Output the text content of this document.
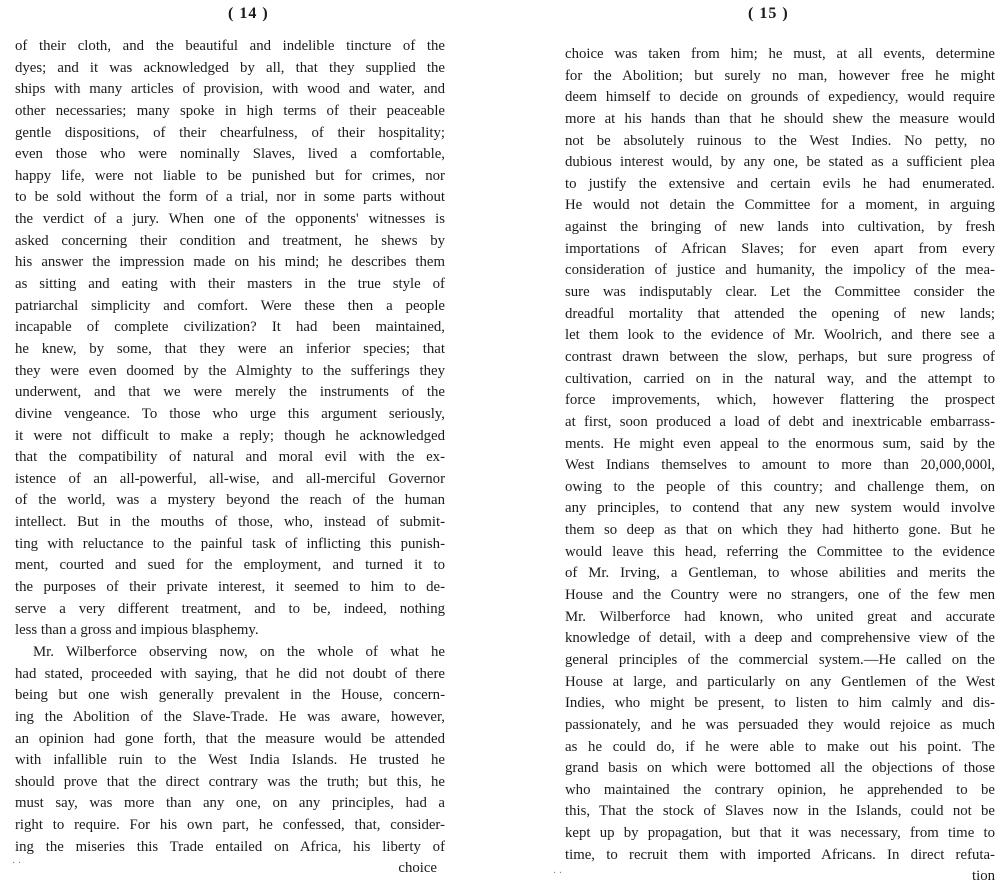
( 14 )
of their cloth, and the beautiful and indelible tincture of the
dyes; and it was acknowledged by all, that they supplied the
ships with many articles of provision, with wood and water, and
other necessaries; many spoke in high terms of their peaceable
gentle dispositions, of their chearfulness, of their hospitality;
even those who were nominally Slaves, lived a comfortable,
happy life, were not liable to be punished but for crimes, nor
to be sold without the form of a trial, nor in some parts without
the verdict of a jury. When one of the opponents' witnesses is
asked concerning their condition and treatment, he shews by
his answer the impression made on his mind; he describes them
as sitting and eating with their masters in the true style of
patriarchal simplicity and comfort. Were these then a people
incapable of complete civilization? It had been maintained,
he knew, by some, that they were an inferior species; that
they were even doomed by the Almighty to the sufferings they
underwent, and that we were merely the instruments of the
divine vengeance. To those who urge this argument seriously,
it were not difficult to make a reply; though he acknowledged
that the compatibility of natural and moral evil with the ex-
istence of an all-powerful, all-wise, and all-merciful Governor
of the world, was a mystery beyond the reach of the human
intellect. But in the mouths of those, who, instead of submit-
ting with reluctance to the painful task of inflicting this punish-
ment, courted and sued for the employment, and turned it to
the purposes of their private interest, it seemed to him to de-
serve a very different treatment, and to be, indeed, nothing
less than a gross and impious blasphemy.
Mr. Wilberforce observing now, on the whole of what he
had stated, proceeded with saying, that he did not doubt of there
being but one wish generally prevalent in the House, concern-
ing the Abolition of the Slave-Trade. He was aware, however,
an opinion had gone forth, that the measure would be attended
with infallible ruin to the West India Islands. He trusted he
should prove that the direct contrary was the truth; but this, he
must say, was more than any one, on any principles, had a
right to require. For his own part, he confessed, that, consider-
ing the miseries this Trade entailed on Africa, his liberty of
choice
( 15 )
choice was taken from him; he must, at all events, determine
for the Abolition; but surely no man, however free he might
deem himself to decide on grounds of expediency, would require
more at his hands than that he should shew the measure would
not be absolutely ruinous to the West Indies. No petty, no
dubious interest would, by any one, be stated as a sufficient plea
to justify the extensive and certain evils he had enumerated.
He would not detain the Committee for a moment, in arguing
against the bringing of new lands into cultivation, by fresh
importations of African Slaves; for even apart from every
consideration of justice and humanity, the impolicy of the mea-
sure was indisputably clear. Let the Committee consider the
dreadful mortality that attended the opening of new lands;
let them look to the evidence of Mr. Woolrich, and there see a
contrast drawn between the slow, perhaps, but sure progress of
cultivation, carried on in the natural way, and the attempt to
force improvements, which, however flattering the prospect
at first, soon produced a load of debt and inextricable embarrass-
ments. He might even appeal to the enormous sum, said by the
West Indians themselves to amount to more than 20,000,000l,
owing to the people of this country; and challenge them, on
any principles, to contend that any new system would involve
them so deep as that on which they had hitherto gone. But he
would leave this head, referring the Committee to the evidence
of Mr. Irving, a Gentleman, to whose abilities and merits the
House and the Country were no strangers, one of the few men
Mr. Wilberforce had known, who united great and accurate
knowledge of detail, with a deep and comprehensive view of the
general principles of the commercial system.—He called on the
House at large, and particularly on any Gentlemen of the West
Indies, who might be present, to listen to him calmly and dis-
passionately, and he was persuaded they would rejoice as much
as he could do, if he were able to make out his point. The
grand basis on which were bottomed all the objections of those
who maintained the contrary opinion, he apprehended to be
this, That the stock of Slaves now in the Islands, could not be
kept up by propagation, but that it was necessary, from time to
time, to recruit them with imported Africans. In direct refuta-
tion
· ·
· ·
